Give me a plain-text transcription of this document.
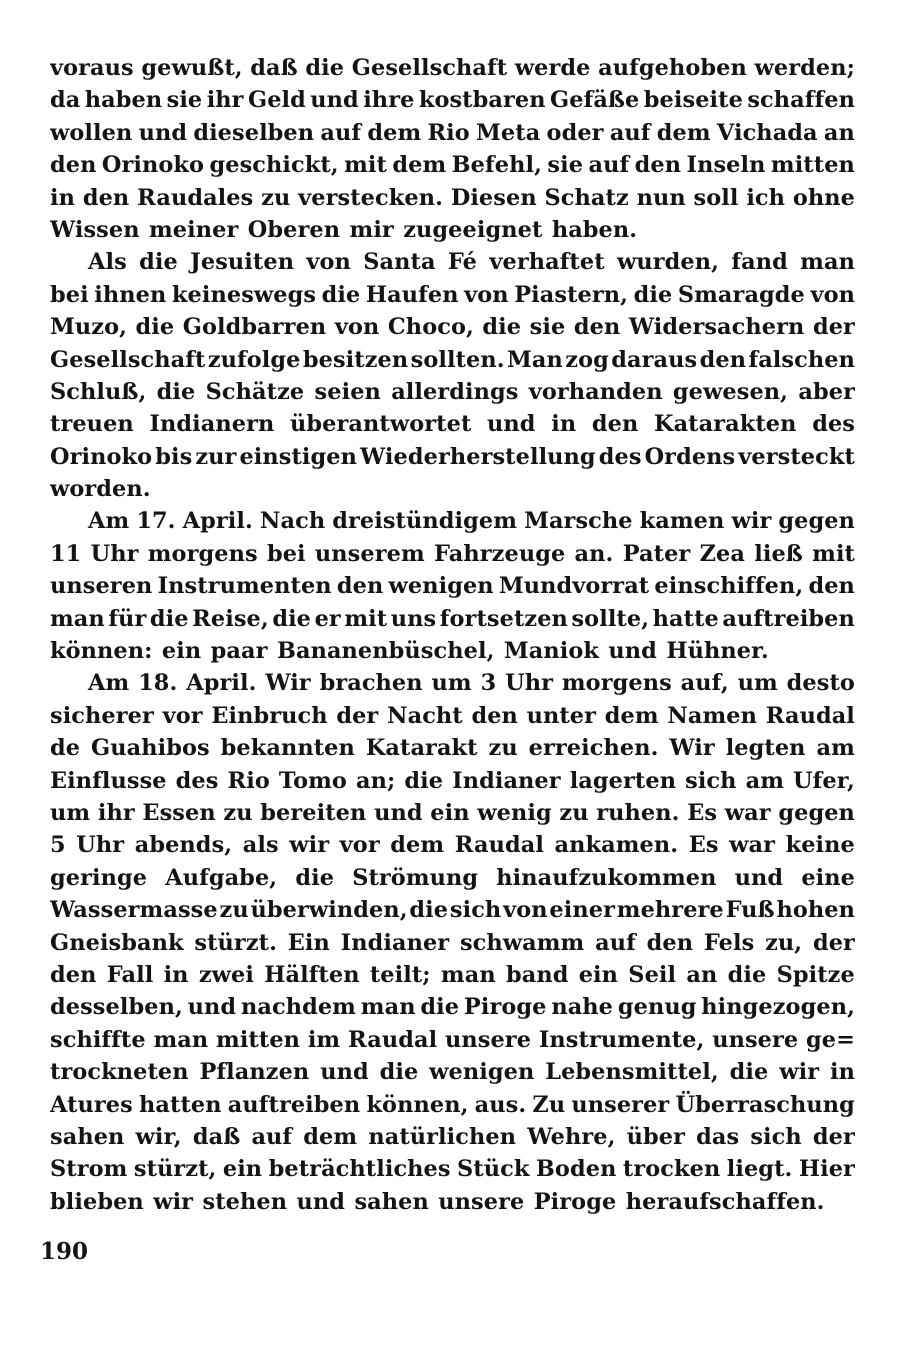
voraus gewußt, daß die Gesellschaft werde aufgehoben werden;
da haben sie ihr Geld und ihre kostbaren Gefäße beiseite schaffen
wollen und dieselben auf dem Rio Meta oder auf dem Vichada an
den Orinoko geschickt, mit dem Befehl, sie auf den Inseln mitten
in den Raudales zu verstecken. Diesen Schatz nun soll ich ohne
Wissen meiner Oberen mir zugeeignet haben.
Als die Jesuiten von Santa Fé verhaftet wurden, fand man
bei ihnen keineswegs die Haufen von Piastern, die Smaragde von
Muzo, die Goldbarren von Choco, die sie den Widersachern der
Gesellschaft zufolge besitzen sollten. Man zog daraus den falschen
Schluß, die Schätze seien allerdings vorhanden gewesen, aber
treuen Indianern überantwortet und in den Katarakten des
Orinoko bis zur einstigen Wiederherstellung des Ordens versteckt
worden.
Am 17. April. Nach dreistündigem Marsche kamen wir gegen
11 Uhr morgens bei unserem Fahrzeuge an. Pater Zea ließ mit
unseren Instrumenten den wenigen Mundvorrat einschiffen, den
man für die Reise, die er mit uns fortsetzen sollte, hatte auftreiben
können: ein paar Bananenbüschel, Maniok und Hühner.
Am 18. April. Wir brachen um 3 Uhr morgens auf, um desto
sicherer vor Einbruch der Nacht den unter dem Namen Raudal
de Guahibos bekannten Katarakt zu erreichen. Wir legten am
Einflusse des Rio Tomo an; die Indianer lagerten sich am Ufer,
um ihr Essen zu bereiten und ein wenig zu ruhen. Es war gegen
5 Uhr abends, als wir vor dem Raudal ankamen. Es war keine
geringe Aufgabe, die Strömung hinaufzukommen und eine
Wassermasse zu überwinden, die sich von einer mehrere Fuß hohen
Gneisbank stürzt. Ein Indianer schwamm auf den Fels zu, der
den Fall in zwei Hälften teilt; man band ein Seil an die Spitze
desselben, und nachdem man die Piroge nahe genug hingezogen,
schiffte man mitten im Raudal unsere Instrumente, unsere ge=
trockneten Pflanzen und die wenigen Lebensmittel, die wir in
Atures hatten auftreiben können, aus. Zu unserer Überraschung
sahen wir, daß auf dem natürlichen Wehre, über das sich der
Strom stürzt, ein beträchtliches Stück Boden trocken liegt. Hier
blieben wir stehen und sahen unsere Piroge heraufschaffen.
190
